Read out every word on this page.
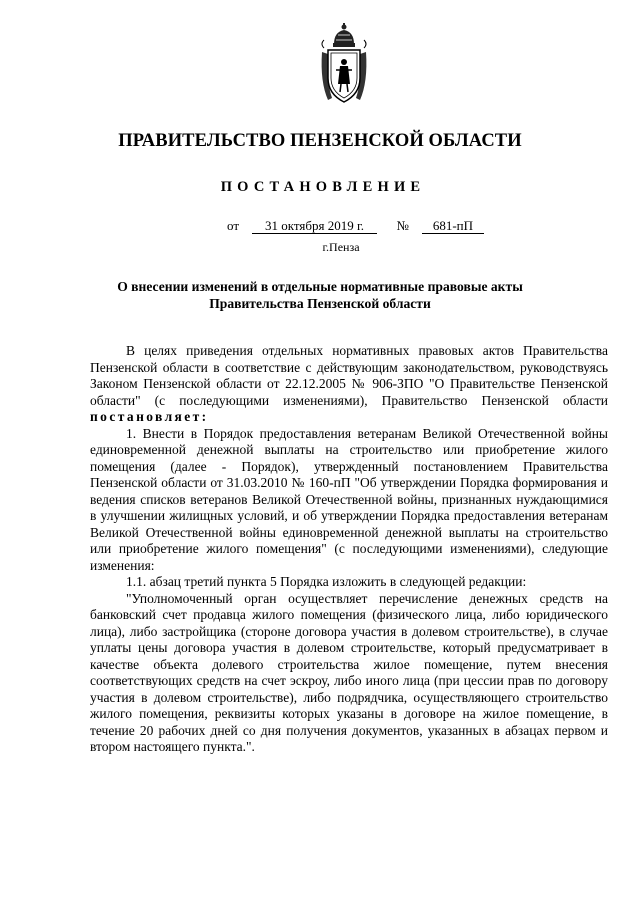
ПРАВИТЕЛЬСТВО ПЕНЗЕНСКОЙ ОБЛАСТИ
ПОСТАНОВЛЕНИЕ
от 31 октября 2019 г. № 681-пП
г.Пенза
О внесении изменений в отдельные нормативные правовые акты
Правительства Пензенской области

В целях приведения отдельных нормативных правовых актов Правительства Пензенской области в соответствие с действующим законодательством, руководствуясь Законом Пензенской области от 22.12.2005 № 906-ЗПО "О Правительстве Пензенской области" (с последующими изменениями), Правительство Пензенской области постановляет:

1. Внести в Порядок предоставления ветеранам Великой Отечественной войны единовременной денежной выплаты на строительство или приобретение жилого помещения (далее - Порядок), утвержденный постановлением Правительства Пензенской области от 31.03.2010 № 160-пП "Об утверждении Порядка формирования и ведения списков ветеранов Великой Отечественной войны, признанных нуждающимися в улучшении жилищных условий, и об утверждении Порядка предоставления ветеранам Великой Отечественной войны единовременной денежной выплаты на строительство или приобретение жилого помещения" (с последующими изменениями), следующие изменения:

1.1. абзац третий пункта 5 Порядка изложить в следующей редакции:

"Уполномоченный орган осуществляет перечисление денежных средств на банковский счет продавца жилого помещения (физического лица, либо юридического лица), либо застройщика (стороне договора участия в долевом строительстве), в случае уплаты цены договора участия в долевом строительстве, который предусматривает в качестве объекта долевого строительства жилое помещение, путем внесения соответствующих средств на счет эскроу, либо иного лица (при цессии прав по договору участия в долевом строительстве), либо подрядчика, осуществляющего строительство жилого помещения, реквизиты которых указаны в договоре на жилое помещение, в течение 20 рабочих дней со дня получения документов, указанных в абзацах первом и втором настоящего пункта.".
